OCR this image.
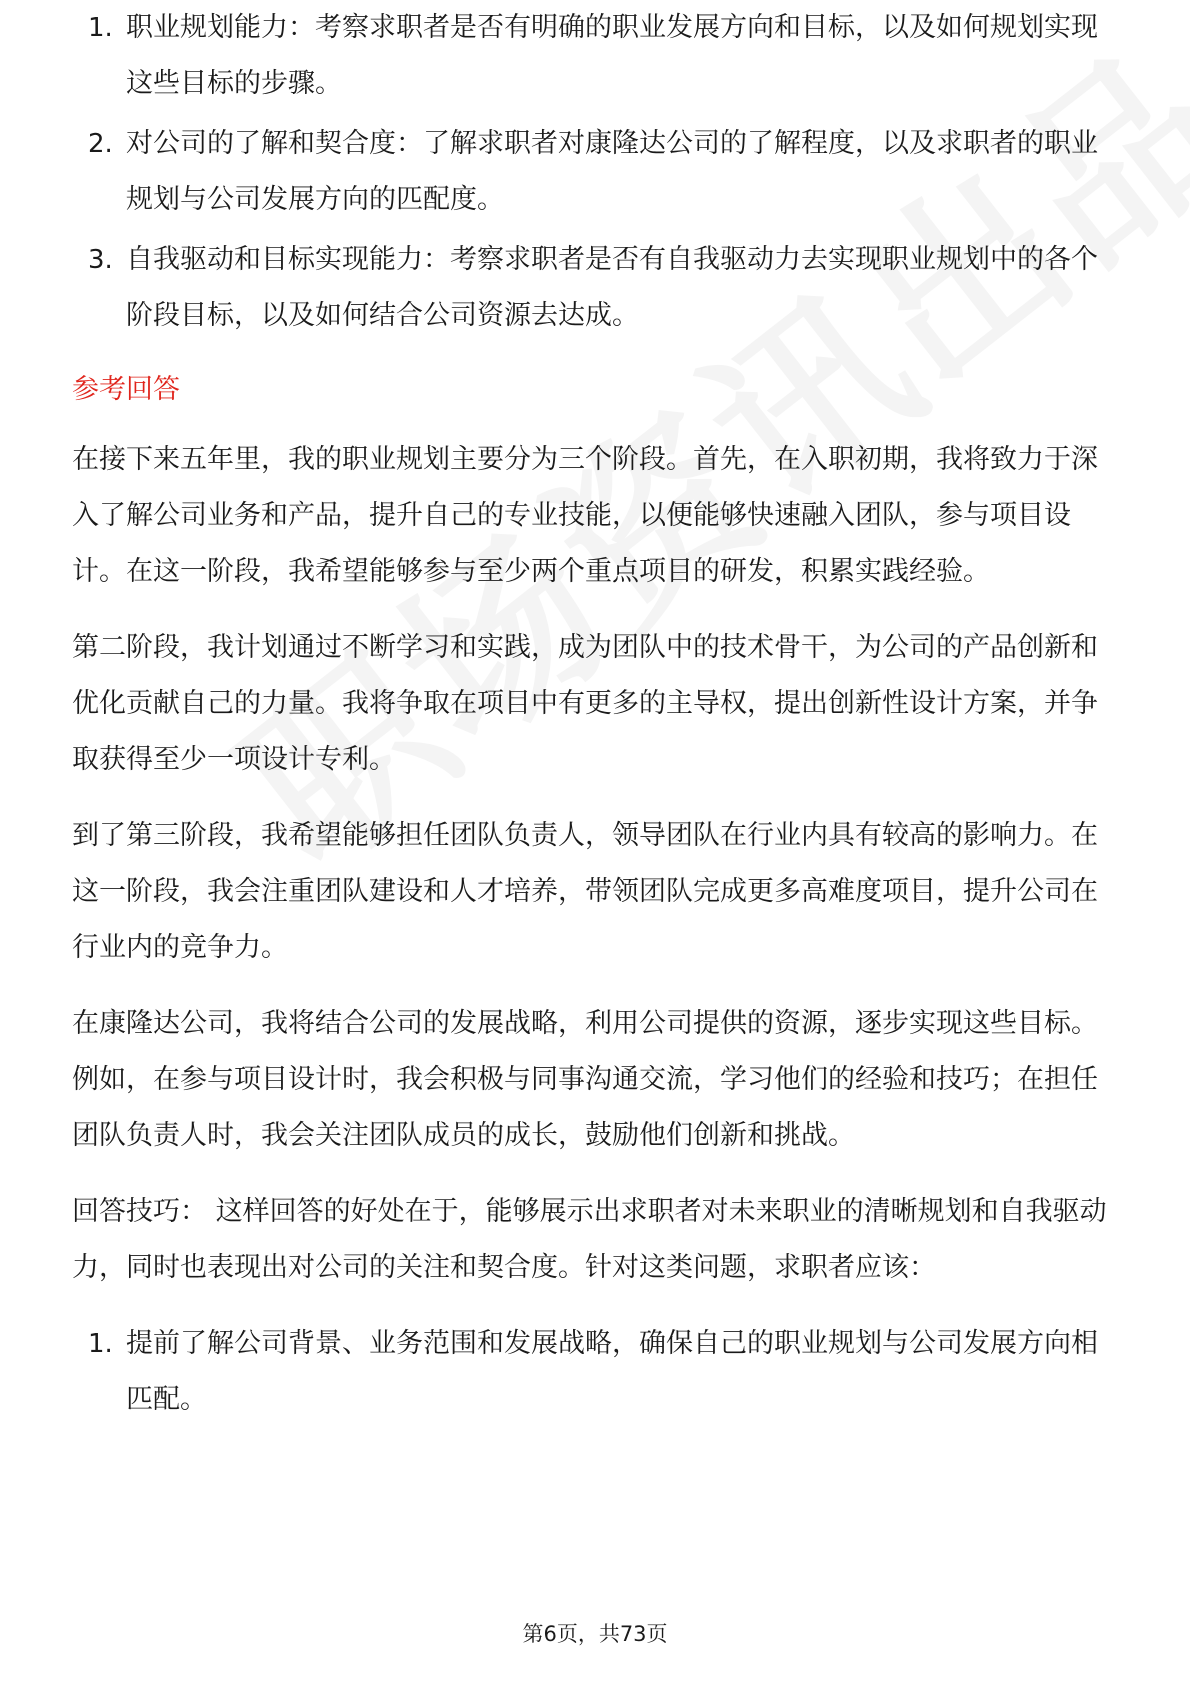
1. 职业规划能力：考察求职者是否有明确的职业发展方向和目标，以及如何规划实现这些目标的步骤。
2. 对公司的了解和契合度：了解求职者对康隆达公司的了解程度，以及求职者的职业规划与公司发展方向的匹配度。
3. 自我驱动和目标实现能力：考察求职者是否有自我驱动力去实现职业规划中的各个阶段目标，以及如何结合公司资源去达成。
参考回答

在接下来五年里，我的职业规划主要分为三个阶段。首先，在入职初期，我将致力于深入了解公司业务和产品，提升自己的专业技能，以便能够快速融入团队，参与项目设计。在这一阶段，我希望能够参与至少两个重点项目的研发，积累实践经验。

第二阶段，我计划通过不断学习和实践，成为团队中的技术骨干，为公司的产品创新和优化贡献自己的力量。我将争取在项目中有更多的主导权，提出创新性设计方案，并争取获得至少一项设计专利。

到了第三阶段，我希望能够担任团队负责人，领导团队在行业内具有较高的影响力。在这一阶段，我会注重团队建设和人才培养，带领团队完成更多高难度项目，提升公司在行业内的竞争力。

在康隆达公司，我将结合公司的发展战略，利用公司提供的资源，逐步实现这些目标。例如，在参与项目设计时，我会积极与同事沟通交流，学习他们的经验和技巧；在担任团队负责人时，我会关注团队成员的成长，鼓励他们创新和挑战。

回答技巧： 这样回答的好处在于，能够展示出求职者对未来职业的清晰规划和自我驱动力，同时也表现出对公司的关注和契合度。针对这类问题，求职者应该：

1. 提前了解公司背景、业务范围和发展战略，确保自己的职业规划与公司发展方向相匹配。
第6页，共73页
